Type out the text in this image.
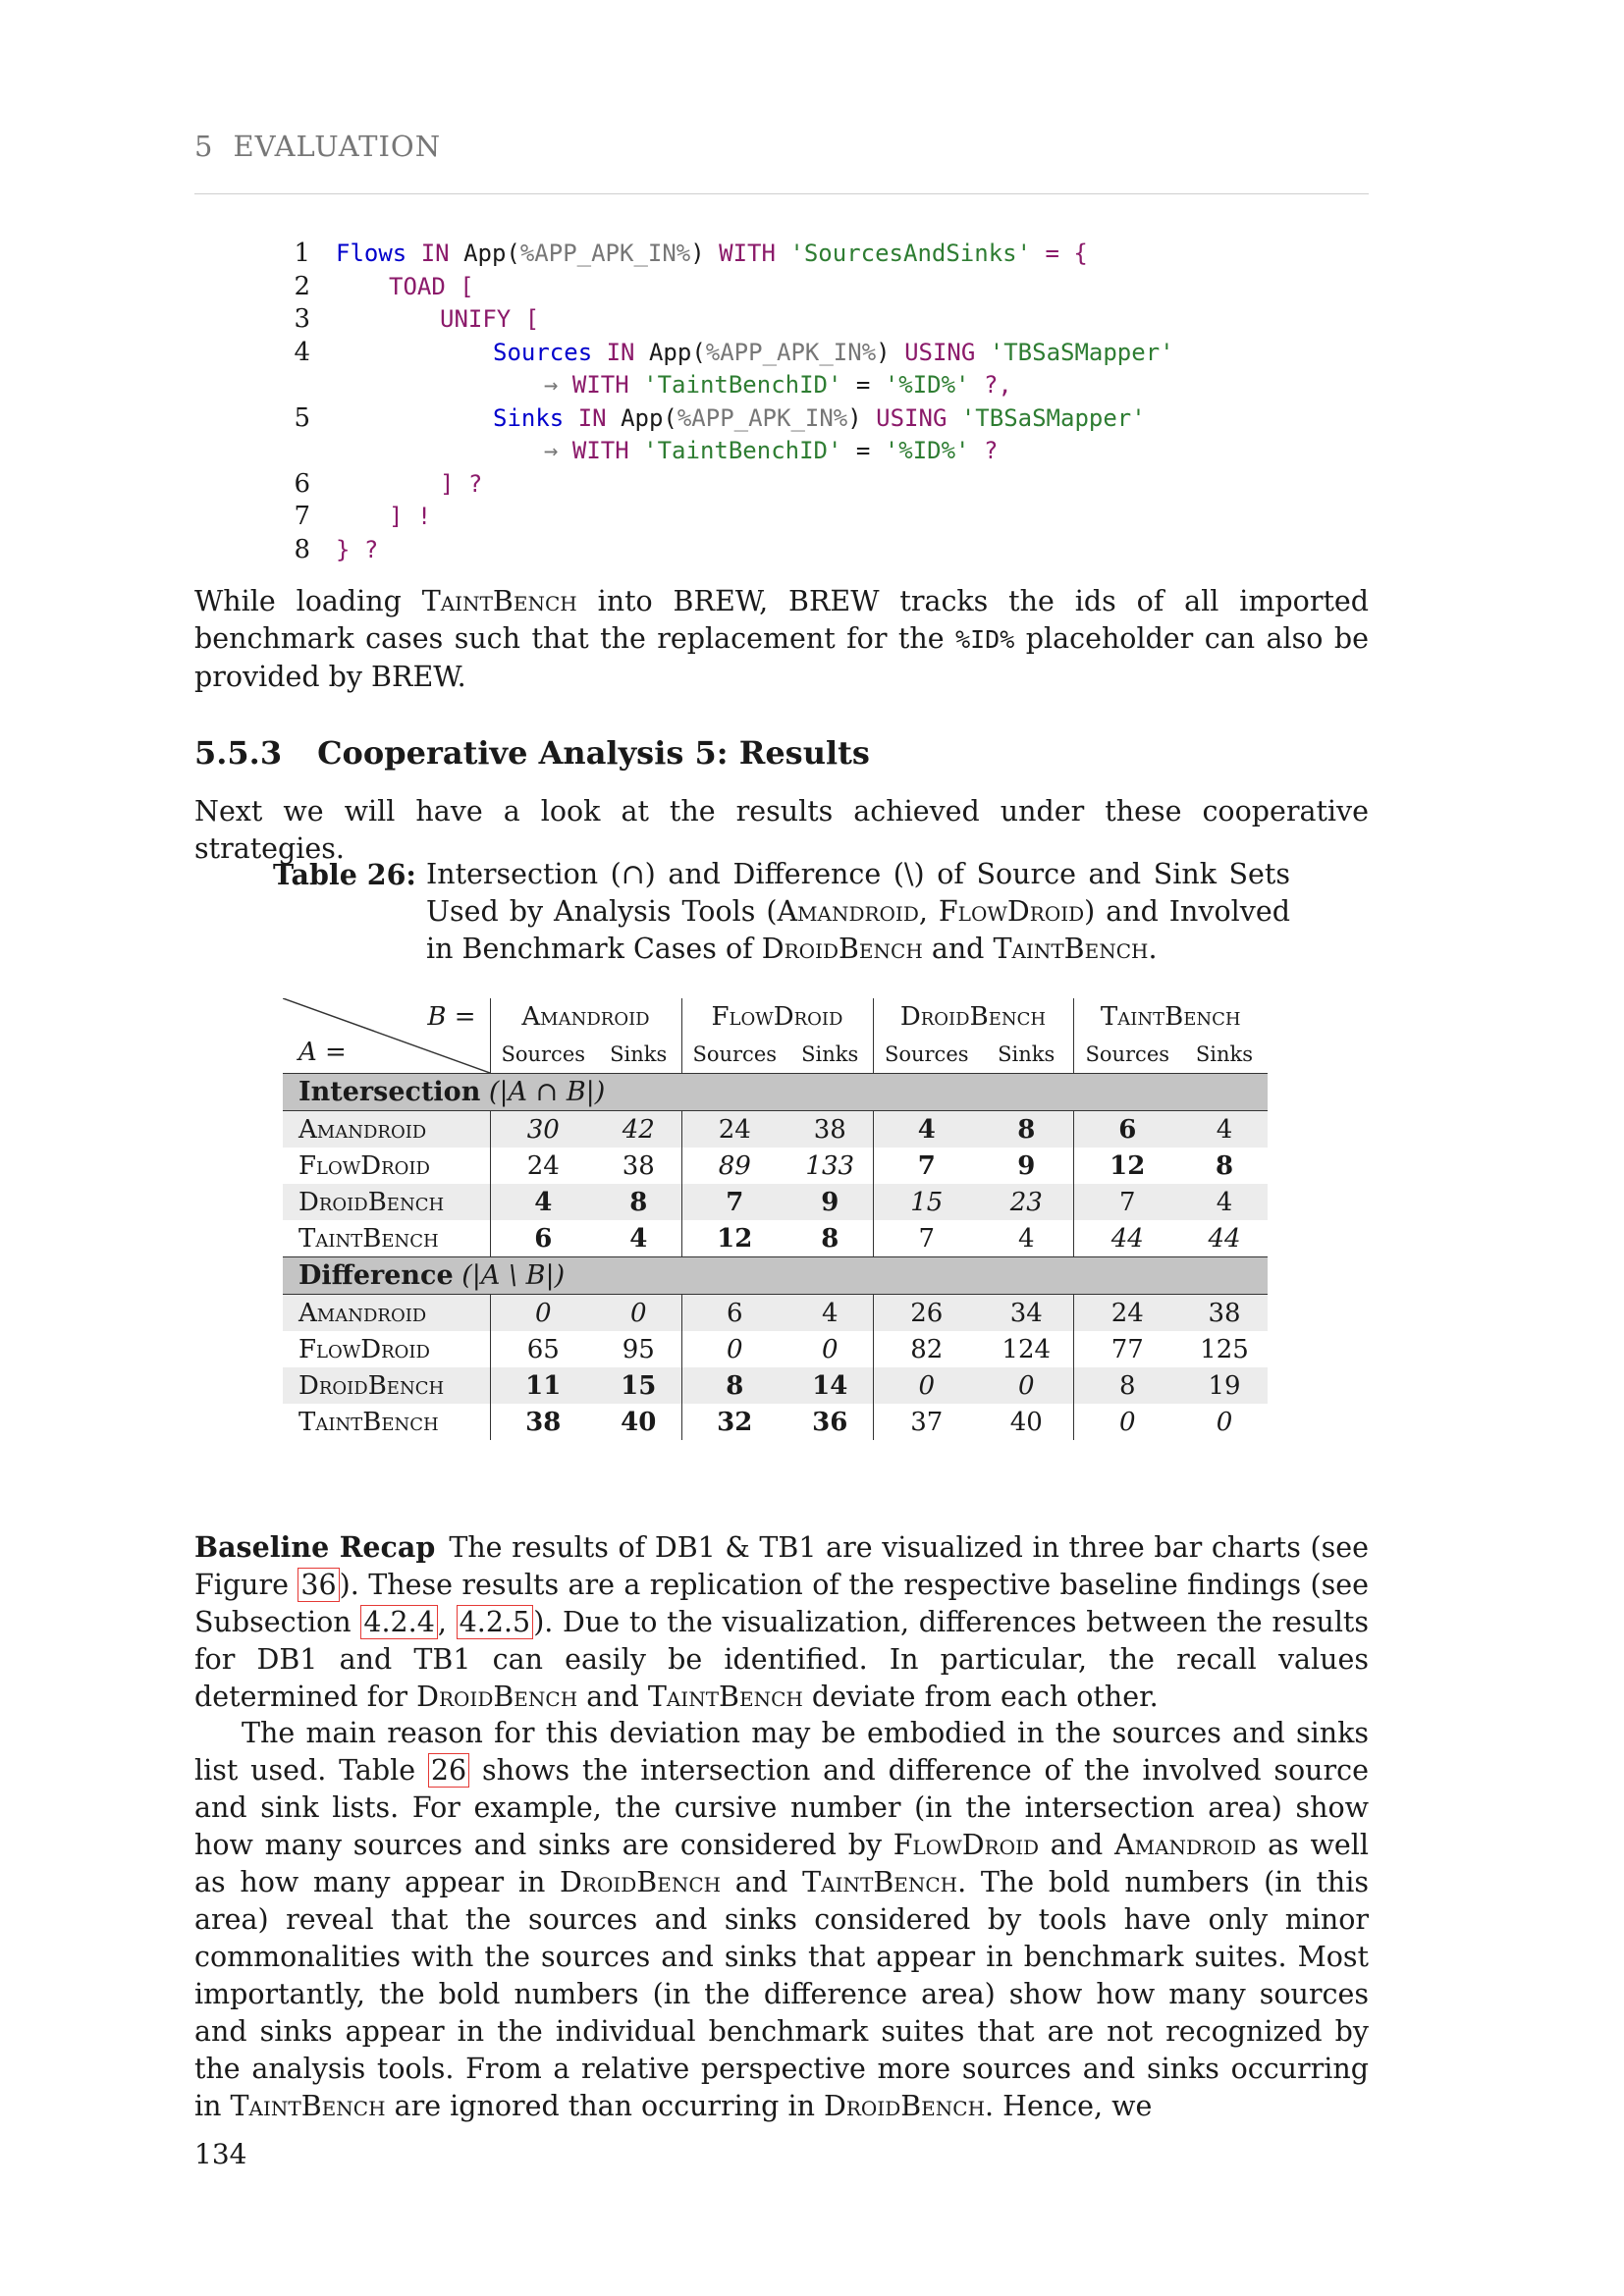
5 EVALUATION
1 Flows IN App(%APP_APK_IN%) WITH 'SourcesAndSinks' = {
2	TOAD [
3	UNIFY [
4	Sources IN App(%APP_APK_IN%) USING 'TBSaSMapper'
→ WITH 'TaintBenchID' = '%ID%' ?,
5	Sinks IN App(%APP_APK_IN%) USING 'TBSaSMapper'
→ WITH 'TaintBenchID' = '%ID%' ?
6	] ?
7	] !
8 } ?

While loading TaintBench into BREW, BREW tracks the ids of all imported benchmark cases such that the replacement for the %ID% placeholder can also be provided by BREW.

5.5.3 Cooperative Analysis 5: Results

Next we will have a look at the results achieved under these cooperative strategies.

Table 26: Intersection (∩) and Difference (\) of Source and Sink Sets Used by Analysis Tools (Amandroid, FlowDroid) and Involved in Benchmark Cases of DroidBench and TaintBench.
B =
A =	Amandroid		FlowDroid		DroidBench		TaintBench	
	Sources	Sinks	Sources	Sinks	Sources	Sinks	Sources	Sinks
Intersection (|A ∩ B|)								
Amandroid	30	42	24	38	4	8	6	4
FlowDroid	24	38	89	133	7	9	12	8
DroidBench	4	8	7	9	15	23	7	4
TaintBench	6	4	12	8	7	4	44	44
Difference (|A \ B|)								
Amandroid	0	0	6	4	26	34	24	38
FlowDroid	65	95	0	0	82	124	77	125
DroidBench	11	15	8	14	0	0	8	19
TaintBench	38	40	32	36	37	40	0	0

Baseline Recap The results of DB1 & TB1 are visualized in three bar charts (see Figure 36 ). These results are a replication of the respective baseline findings (see Subsection 4.2.4 , 4.2.5 ). Due to the visualization, differences between the results for DB1 and TB1 can easily be identified. In particular, the recall values determined for DroidBench and TaintBench deviate from each other.

The main reason for this deviation may be embodied in the sources and sinks list used. Table 26 shows the intersection and difference of the involved source and sink lists. For example, the cursive number (in the intersection area) show how many sources and sinks are considered by FlowDroid and Amandroid as well as how many appear in DroidBench and TaintBench. The bold numbers (in this area) reveal that the sources and sinks considered by tools have only minor commonalities with the sources and sinks that appear in benchmark suites. Most importantly, the bold numbers (in the difference area) show how many sources and sinks appear in the individual benchmark suites that are not recognized by the analysis tools. From a relative perspective more sources and sinks occurring in TaintBench are ignored than occurring in DroidBench. Hence, we

134
